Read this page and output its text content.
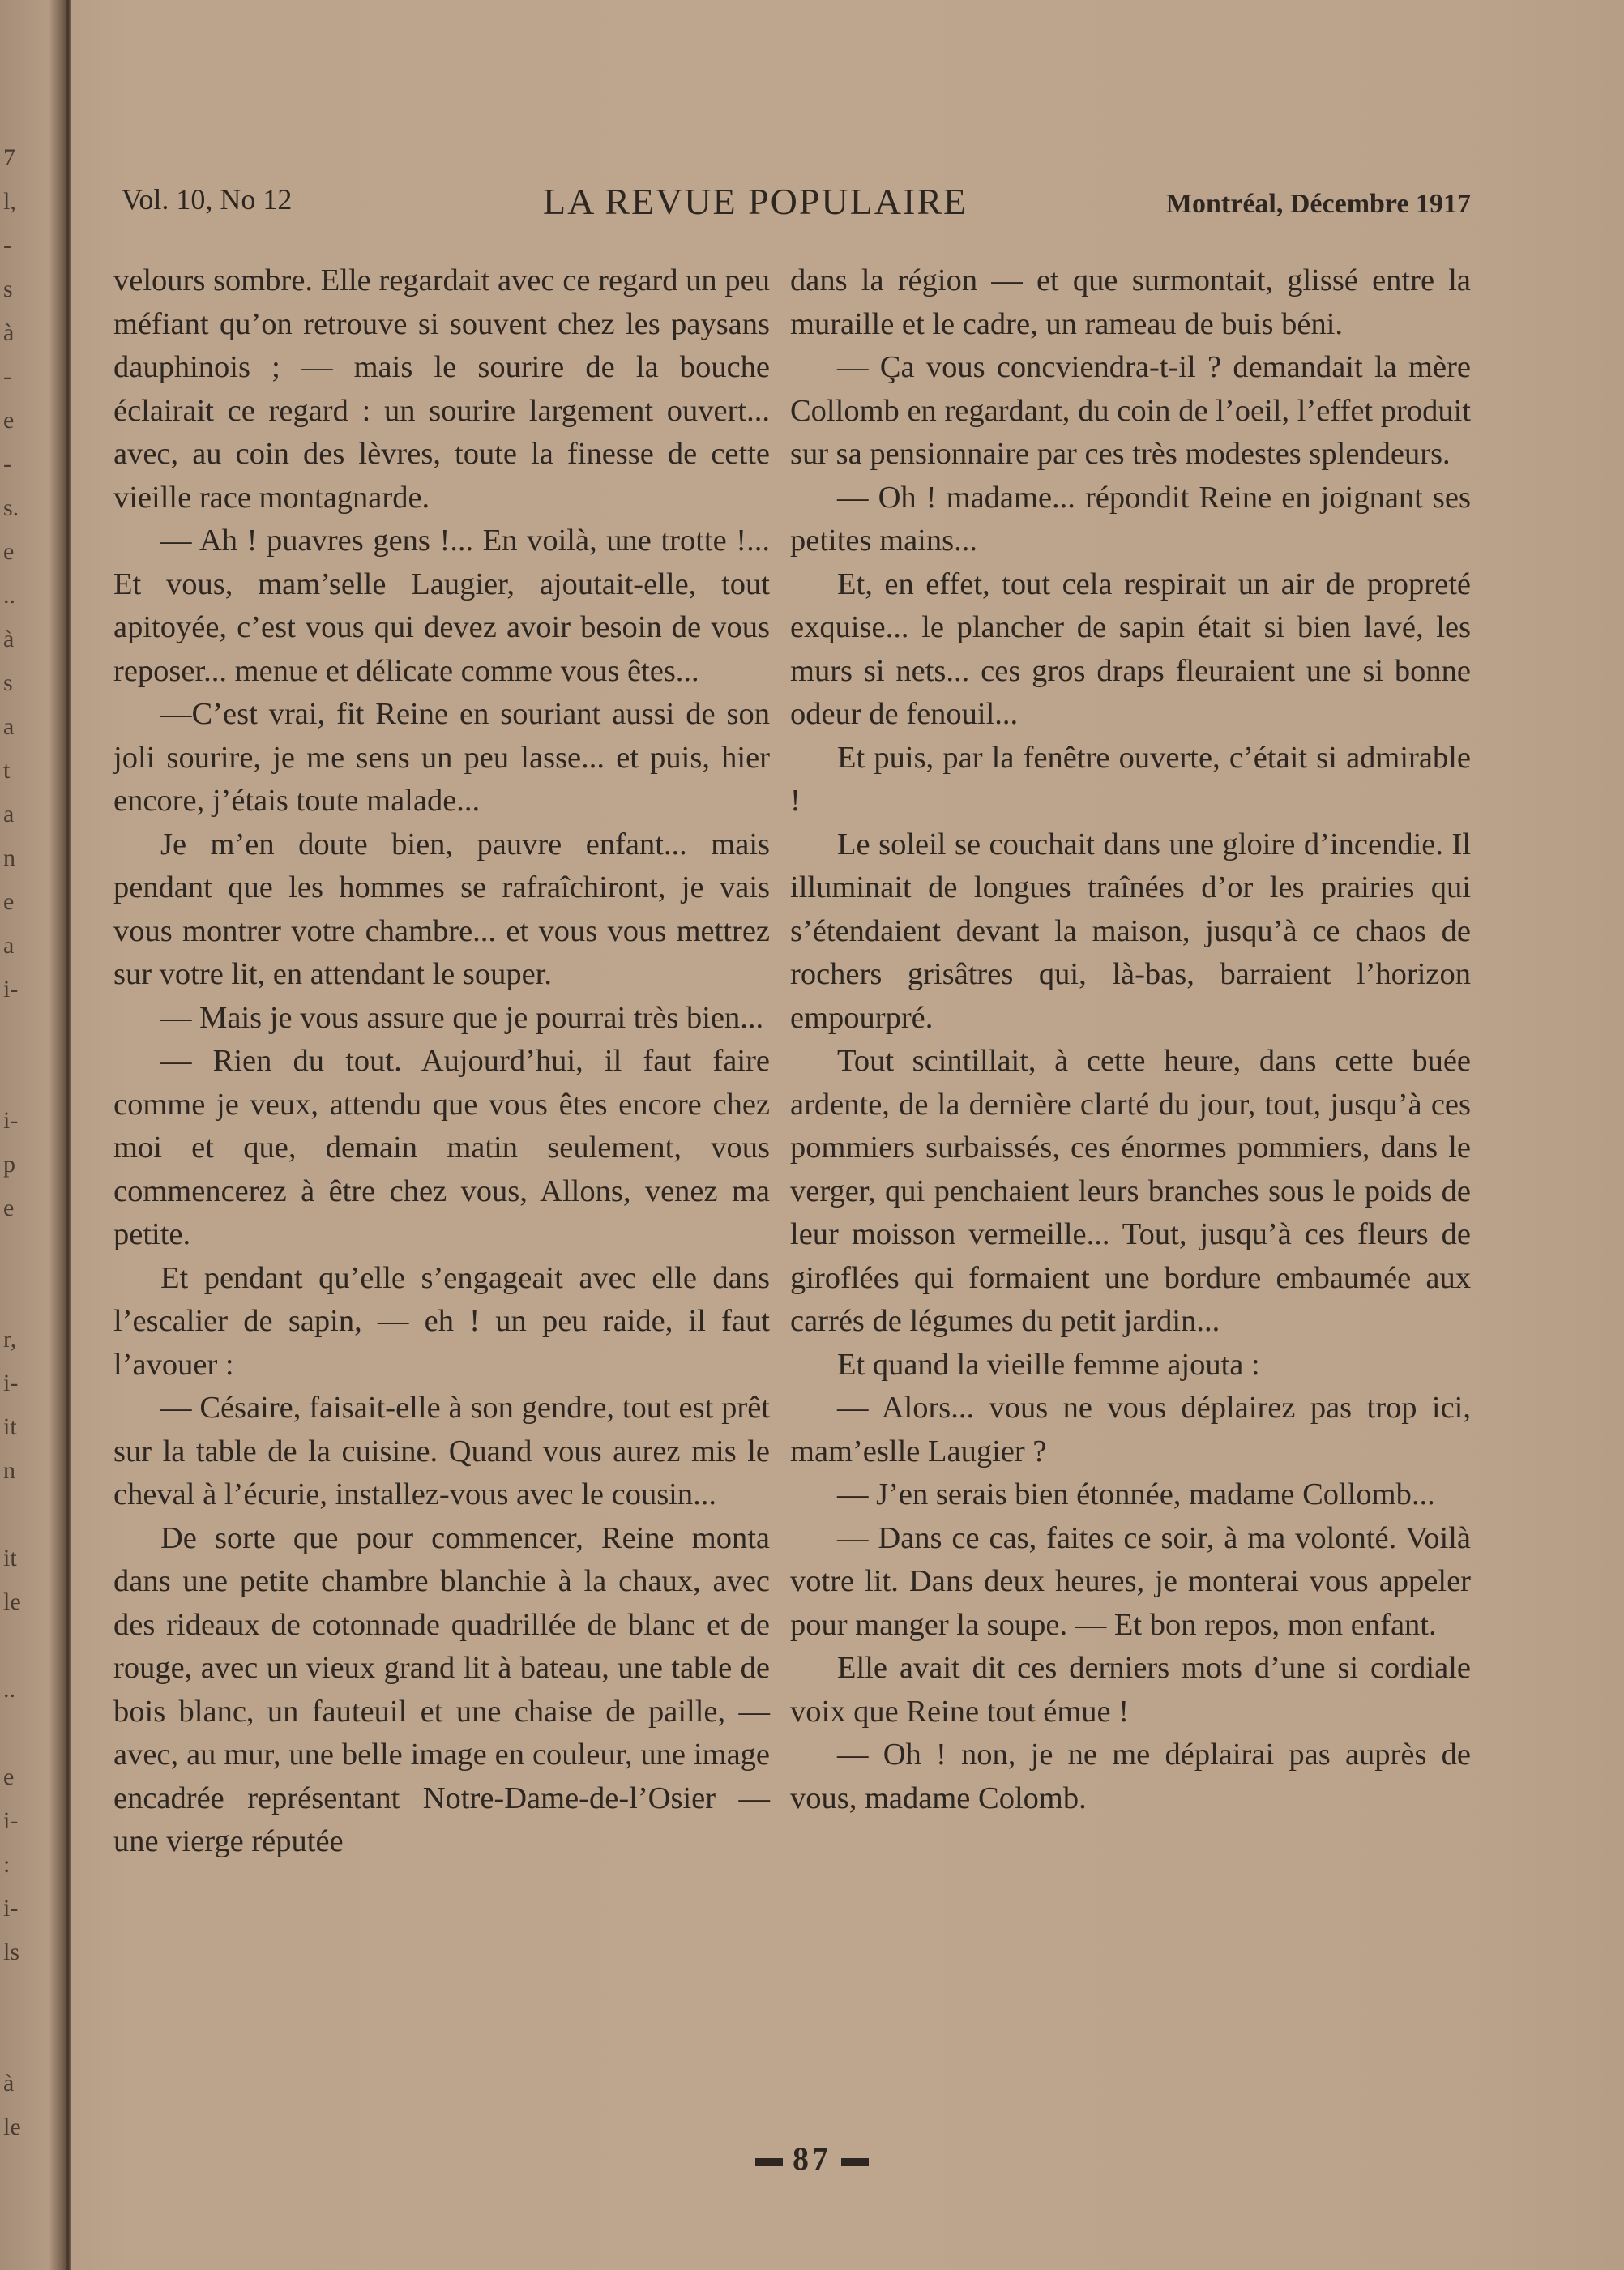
7
l,
-
s
à
-
e
-
s.
e
..
à
s
a
t
a
n
e
a
i-
i-
p
e
r,
i-
it
n
it
le
..
e
i-
:
i-
ls
à
le
Vol. 10, No 12	LA REVUE POPULAIRE	Montréal, Décembre 1917

velours sombre. Elle regardait avec ce regard un peu méfiant qu’on retrouve si souvent chez les paysans dauphinois ; — mais le sourire de la bouche éclairait ce regard : un sourire largement ouvert... avec, au coin des lèvres, toute la finesse de cette vieille race montagnarde.

— Ah ! puavres gens !... En voilà, une trotte !... Et vous, mam’selle Laugier, ajoutait-elle, tout apitoyée, c’est vous qui devez avoir besoin de vous reposer... menue et délicate comme vous êtes...

—C’est vrai, fit Reine en souriant aussi de son joli sourire, je me sens un peu lasse... et puis, hier encore, j’étais toute malade...

Je m’en doute bien, pauvre enfant... mais pendant que les hommes se rafraîchiront, je vais vous montrer votre chambre... et vous vous mettrez sur votre lit, en attendant le souper.

— Mais je vous assure que je pourrai très bien...

— Rien du tout. Aujourd’hui, il faut faire comme je veux, attendu que vous êtes encore chez moi et que, demain matin seulement, vous commencerez à être chez vous, Allons, venez ma petite.

Et pendant qu’elle s’engageait avec elle dans l’escalier de sapin, — eh ! un peu raide, il faut l’avouer :

— Césaire, faisait-elle à son gendre, tout est prêt sur la table de la cuisine. Quand vous aurez mis le cheval à l’écurie, installez-vous avec le cousin...

De sorte que pour commencer, Reine monta dans une petite chambre blanchie à la chaux, avec des rideaux de cotonnade quadrillée de blanc et de rouge, avec un vieux grand lit à bateau, une table de bois blanc, un fauteuil et une chaise de paille, — avec, au mur, une belle image en couleur, une image encadrée représentant Notre-Dame-de-l’Osier — une vierge réputée

dans la région — et que surmontait, glissé entre la muraille et le cadre, un rameau de buis béni.

— Ça vous concviendra-t-il ? demandait la mère Collomb en regardant, du coin de l’oeil, l’effet produit sur sa pensionnaire par ces très modestes splendeurs.

— Oh ! madame... répondit Reine en joignant ses petites mains...

Et, en effet, tout cela respirait un air de propreté exquise... le plancher de sapin était si bien lavé, les murs si nets... ces gros draps fleuraient une si bonne odeur de fenouil...

Et puis, par la fenêtre ouverte, c’était si admirable !

Le soleil se couchait dans une gloire d’incendie. Il illuminait de longues traînées d’or les prairies qui s’étendaient devant la maison, jusqu’à ce chaos de rochers grisâtres qui, là-bas, barraient l’horizon empourpré.

Tout scintillait, à cette heure, dans cette buée ardente, de la dernière clarté du jour, tout, jusqu’à ces pommiers surbaissés, ces énormes pommiers, dans le verger, qui penchaient leurs branches sous le poids de leur moisson vermeille... Tout, jusqu’à ces fleurs de giroflées qui formaient une bordure embaumée aux carrés de légumes du petit jardin...

Et quand la vieille femme ajouta :

— Alors... vous ne vous déplairez pas trop ici, mam’eslle Laugier ?

— J’en serais bien étonnée, madame Collomb...

— Dans ce cas, faites ce soir, à ma volonté. Voilà votre lit. Dans deux heures, je monterai vous appeler pour manger la soupe. — Et bon repos, mon enfant.

Elle avait dit ces derniers mots d’une si cordiale voix que Reine tout émue !

— Oh ! non, je ne me déplairai pas auprès de vous, madame Colomb.

87
